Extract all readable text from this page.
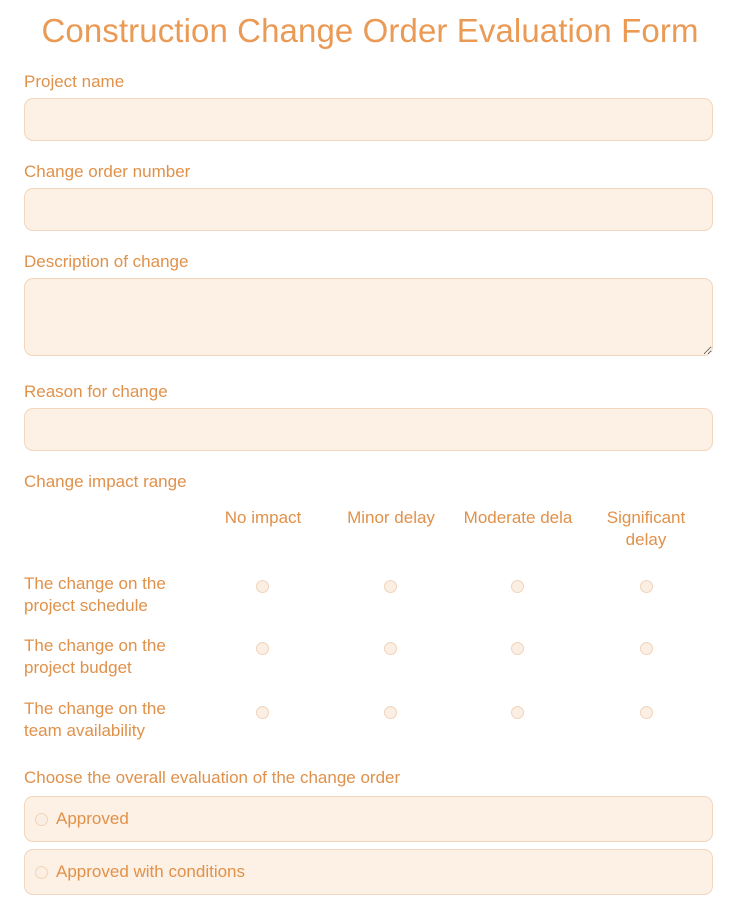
Construction Change Order Evaluation Form
Project name
Change order number
Description of change
Reason for change
Change impact range
No impact	Minor delay	Moderate dela	Significant delay
The change on the project schedule
The change on the project budget
The change on the team availability
Choose the overall evaluation of the change order
Approved
Approved with conditions
